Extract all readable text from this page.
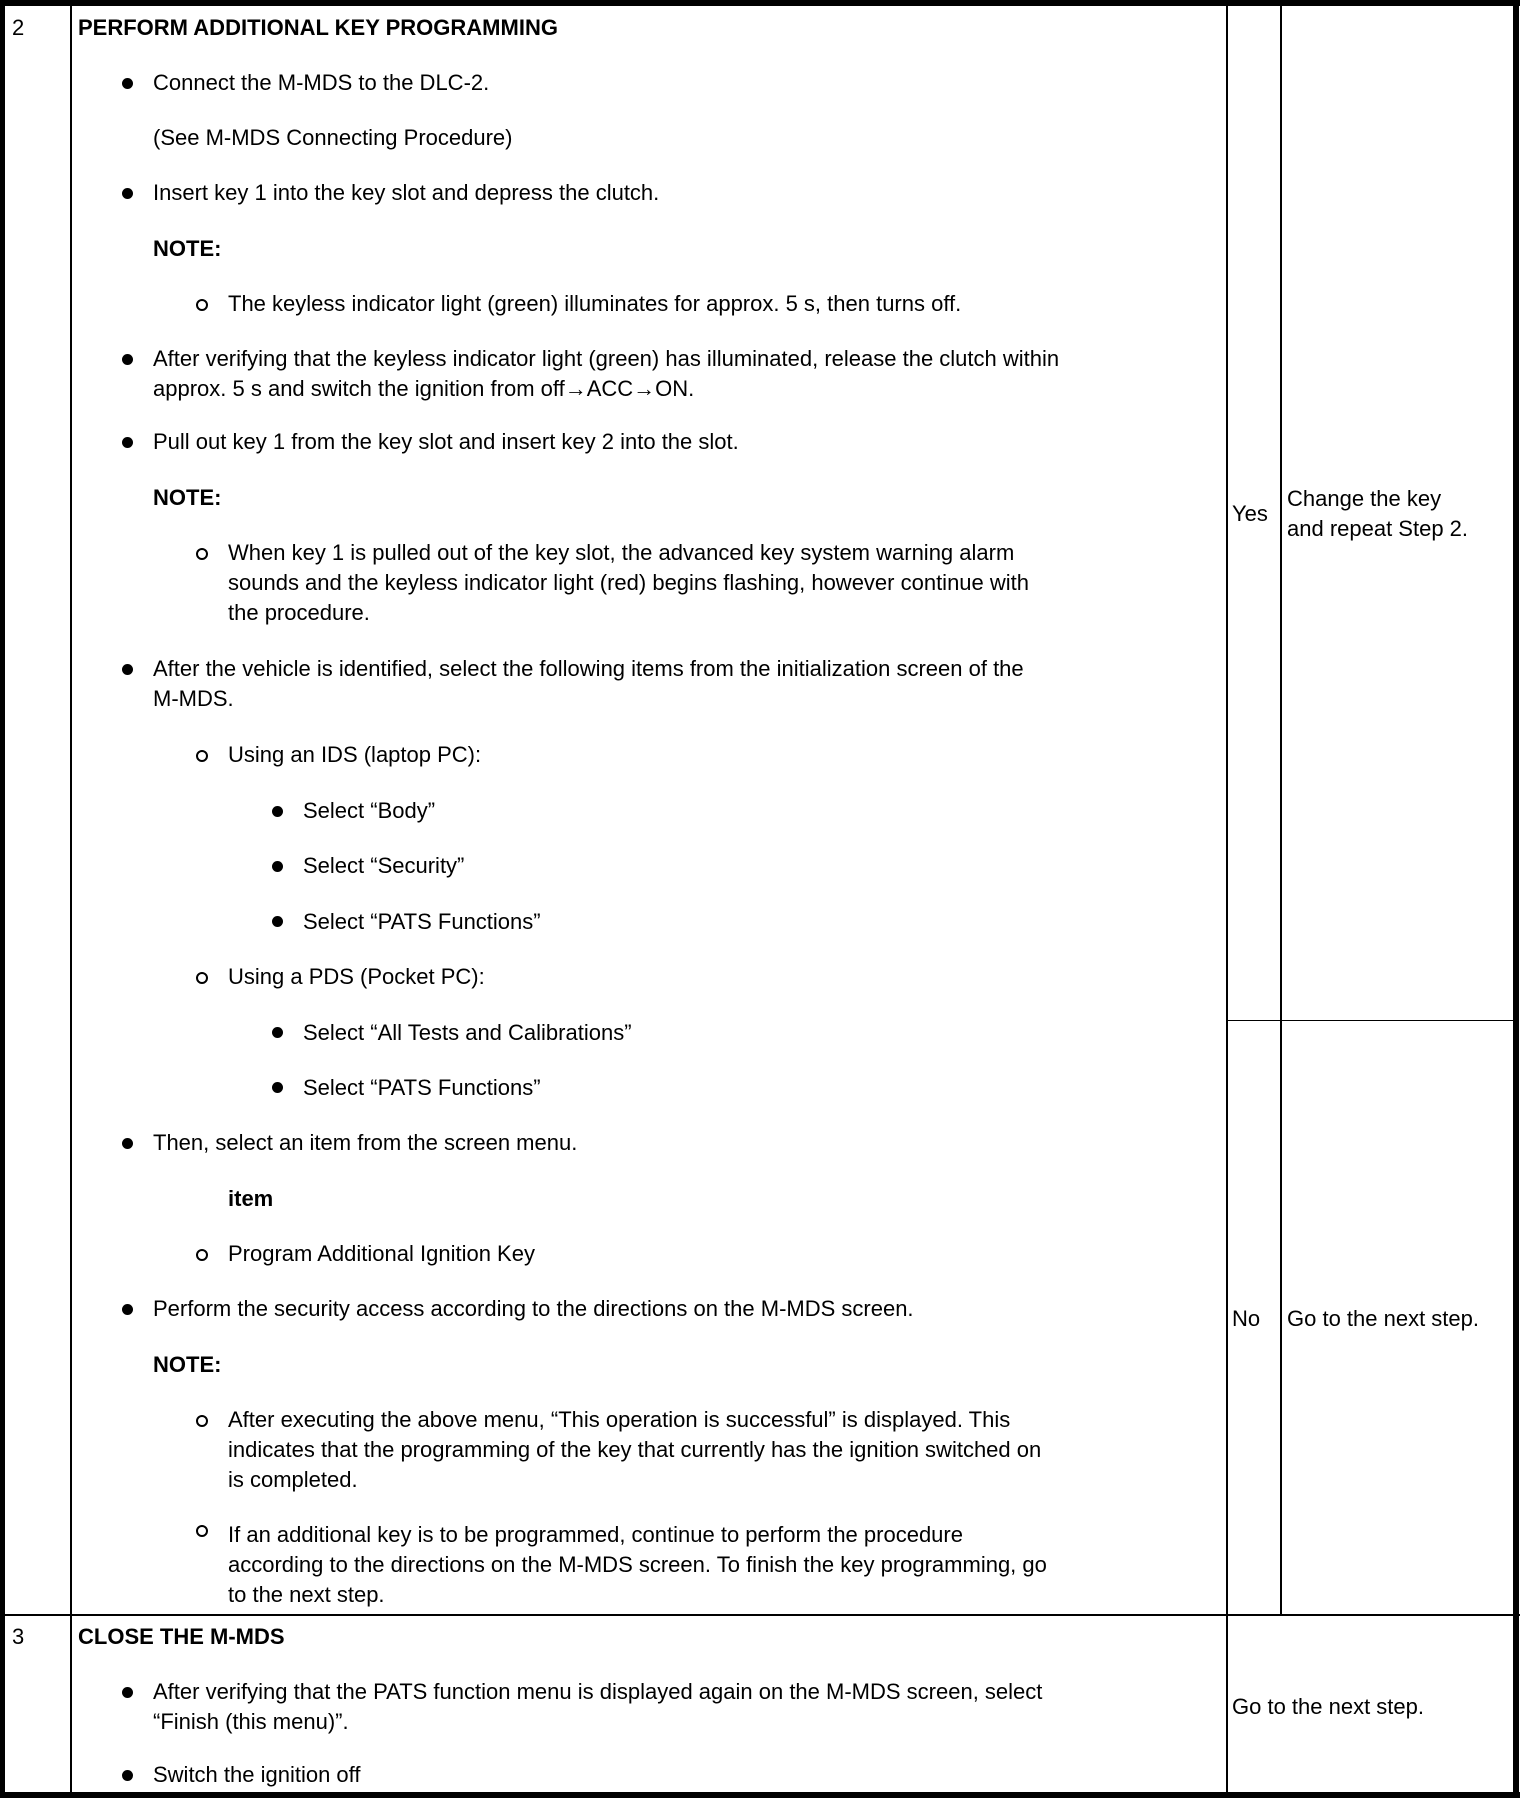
2 PERFORM ADDITIONAL KEY PROGRAMMING
Connect the M-MDS to the DLC-2.
(See M-MDS Connecting Procedure)
Insert key 1 into the key slot and depress the clutch.
NOTE:
The keyless indicator light (green) illuminates for approx. 5 s, then turns off.
After verifying that the keyless indicator light (green) has illuminated, release the clutch within
approx. 5 s and switch the ignition from off→ACC→ON.
Pull out key 1 from the key slot and insert key 2 into the slot.
NOTE:
When key 1 is pulled out of the key slot, the advanced key system warning alarm
sounds and the keyless indicator light (red) begins flashing, however continue with
the procedure.
After the vehicle is identified, select the following items from the initialization screen of the
M-MDS.
Using an IDS (laptop PC):
Select “Body”
Select “Security”
Select “PATS Functions”
Using a PDS (Pocket PC):
Select “All Tests and Calibrations”
Select “PATS Functions”
Then, select an item from the screen menu.
item
Program Additional Ignition Key
Perform the security access according to the directions on the M-MDS screen.
NOTE:
After executing the above menu, “This operation is successful” is displayed. This
indicates that the programming of the key that currently has the ignition switched on
is completed.
If an additional key is to be programmed, continue to perform the procedure
according to the directions on the M-MDS screen. To finish the key programming, go
to the next step.
Yes
Change the key
and repeat Step 2.
No Go to the next step.
3 CLOSE THE M-MDS
After verifying that the PATS function menu is displayed again on the M-MDS screen, select
“Finish (this menu)”.
Switch the ignition off
Go to the next step.
